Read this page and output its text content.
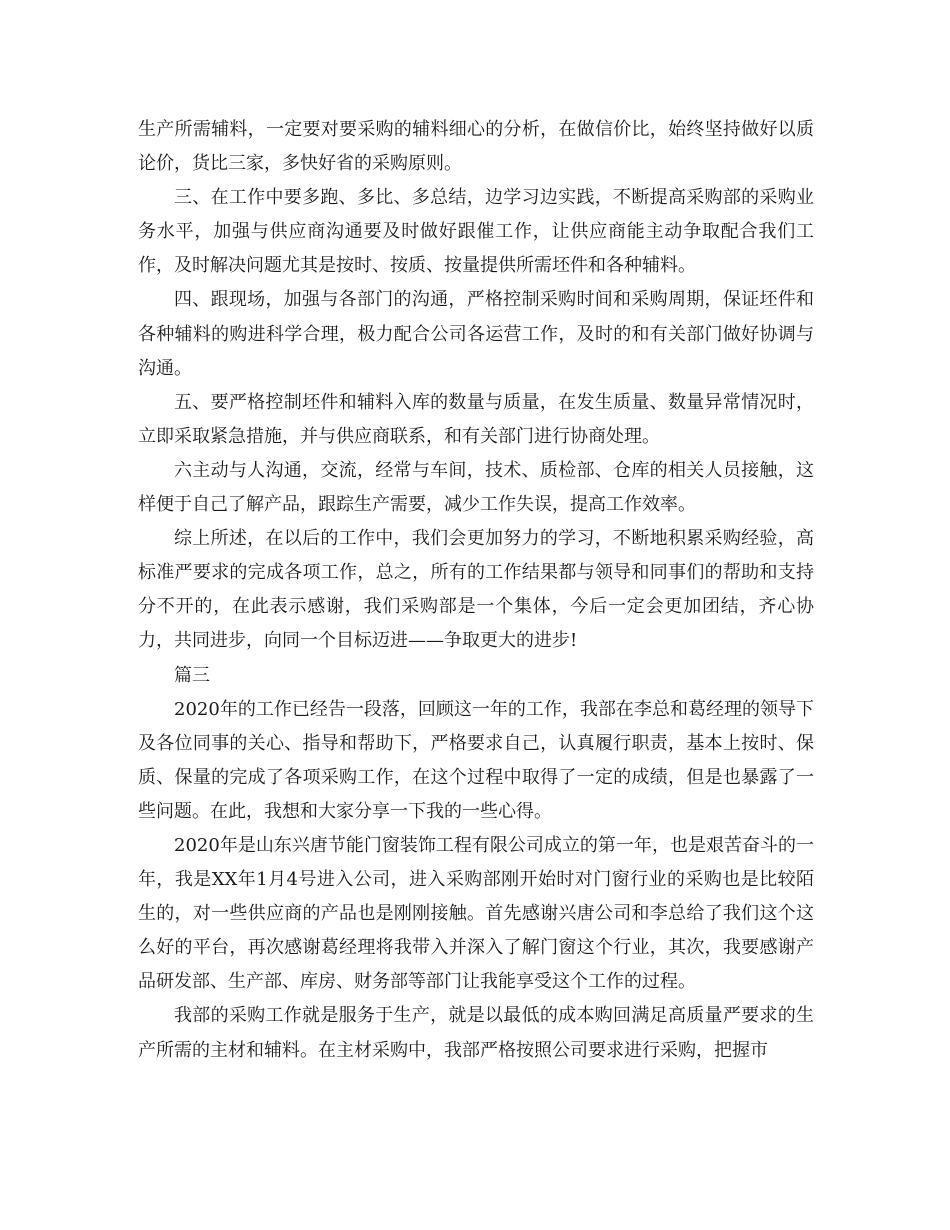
生产所需辅料，一定要对要采购的辅料细心的分析，在做信价比，始终坚持做好以质论价，货比三家，多快好省的采购原则。

三、在工作中要多跑、多比、多总结，边学习边实践，不断提高采购部的采购业务水平，加强与供应商沟通要及时做好跟催工作，让供应商能主动争取配合我们工作，及时解决问题尤其是按时、按质、按量提供所需坯件和各种辅料。

四、跟现场，加强与各部门的沟通，严格控制采购时间和采购周期，保证坯件和各种辅料的购进科学合理，极力配合公司各运营工作，及时的和有关部门做好协调与沟通。

五、要严格控制坯件和辅料入库的数量与质量，在发生质量、数量异常情况时，立即采取紧急措施，并与供应商联系，和有关部门进行协商处理。

六主动与人沟通，交流，经常与车间，技术、质检部、仓库的相关人员接触，这样便于自己了解产品，跟踪生产需要，减少工作失误，提高工作效率。

综上所述，在以后的工作中，我们会更加努力的学习，不断地积累采购经验，高标准严要求的完成各项工作，总之，所有的工作结果都与领导和同事们的帮助和支持分不开的，在此表示感谢，我们采购部是一个集体，今后一定会更加团结，齐心协力，共同进步，向同一个目标迈进——争取更大的进步!

篇三

2020年的工作已经告一段落，回顾这一年的工作，我部在李总和葛经理的领导下及各位同事的关心、指导和帮助下，严格要求自己，认真履行职责，基本上按时、保质、保量的完成了各项采购工作，在这个过程中取得了一定的成绩，但是也暴露了一些问题。在此，我想和大家分享一下我的一些心得。

2020年是山东兴唐节能门窗装饰工程有限公司成立的第一年，也是艰苦奋斗的一年，我是XX年1月4号进入公司，进入采购部刚开始时对门窗行业的采购也是比较陌生的，对一些供应商的产品也是刚刚接触。首先感谢兴唐公司和李总给了我们这个这么好的平台，再次感谢葛经理将我带入并深入了解门窗这个行业，其次，我要感谢产品研发部、生产部、库房、财务部等部门让我能享受这个工作的过程。

我部的采购工作就是服务于生产，就是以最低的成本购回满足高质量严要求的生产所需的主材和辅料。在主材采购中，我部严格按照公司要求进行采购，把握市
